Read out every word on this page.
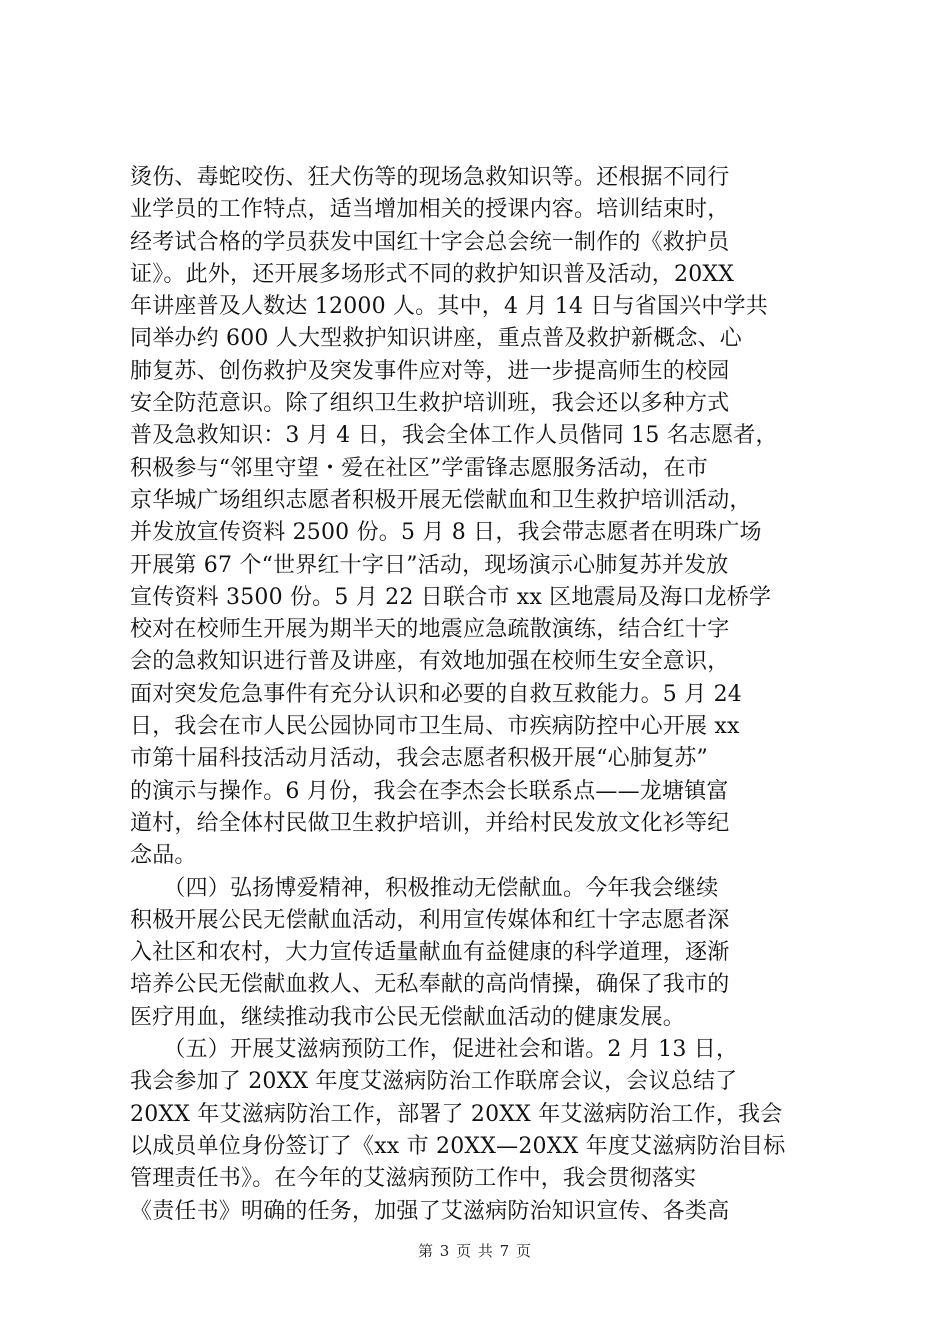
烫伤、毒蛇咬伤、狂犬伤等的现场急救知识等。还根据不同行
业学员的工作特点，适当增加相关的授课内容。培训结束时，
经考试合格的学员获发中国红十字会总会统一制作的《救护员
证》。此外，还开展多场形式不同的救护知识普及活动，20XX
年讲座普及人数达 12000 人。其中，4 月 14 日与省国兴中学共
同举办约 600 人大型救护知识讲座，重点普及救护新概念、心
肺复苏、创伤救护及突发事件应对等，进一步提高师生的校园
安全防范意识。除了组织卫生救护培训班，我会还以多种方式
普及急救知识：3 月 4 日，我会全体工作人员偕同 15 名志愿者，
积极参与“邻里守望・爱在社区”学雷锋志愿服务活动，在市
京华城广场组织志愿者积极开展无偿献血和卫生救护培训活动，
并发放宣传资料 2500 份。5 月 8 日，我会带志愿者在明珠广场
开展第 67 个“世界红十字日”活动，现场演示心肺复苏并发放
宣传资料 3500 份。5 月 22 日联合市 xx 区地震局及海口龙桥学
校对在校师生开展为期半天的地震应急疏散演练，结合红十字
会的急救知识进行普及讲座，有效地加强在校师生安全意识，
面对突发危急事件有充分认识和必要的自救互救能力。5 月 24
日，我会在市人民公园协同市卫生局、市疾病防控中心开展 xx
市第十届科技活动月活动，我会志愿者积极开展“心肺复苏”
的演示与操作。6 月份，我会在李杰会长联系点——龙塘镇富
道村，给全体村民做卫生救护培训，并给村民发放文化衫等纪
念品。
　　（四）弘扬博爱精神，积极推动无偿献血。今年我会继续
积极开展公民无偿献血活动，利用宣传媒体和红十字志愿者深
入社区和农村，大力宣传适量献血有益健康的科学道理，逐渐
培养公民无偿献血救人、无私奉献的高尚情操，确保了我市的
医疗用血，继续推动我市公民无偿献血活动的健康发展。
　　（五）开展艾滋病预防工作，促进社会和谐。2 月 13 日，
我会参加了 20XX 年度艾滋病防治工作联席会议，会议总结了
20XX 年艾滋病防治工作，部署了 20XX 年艾滋病防治工作，我会
以成员单位身份签订了《xx 市 20XX—20XX 年度艾滋病防治目标
管理责任书》。在今年的艾滋病预防工作中，我会贯彻落实
《责任书》明确的任务，加强了艾滋病防治知识宣传、各类高
第 3 页 共 7 页
